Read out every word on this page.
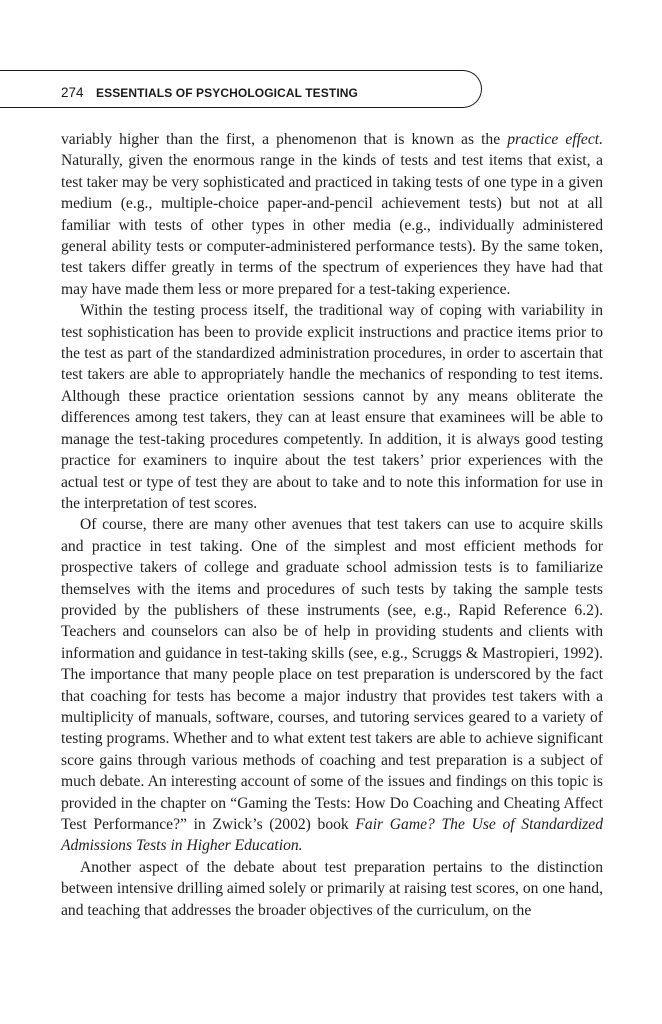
274 ESSENTIALS OF PSYCHOLOGICAL TESTING

variably higher than the first, a phenomenon that is known as the practice effect. Naturally, given the enormous range in the kinds of tests and test items that exist, a test taker may be very sophisticated and practiced in taking tests of one type in a given medium (e.g., multiple-choice paper-and-pencil achievement tests) but not at all familiar with tests of other types in other media (e.g., individually administered general ability tests or computer-administered performance tests). By the same token, test takers differ greatly in terms of the spectrum of experiences they have had that may have made them less or more prepared for a test-taking experience.

Within the testing process itself, the traditional way of coping with variability in test sophistication has been to provide explicit instructions and practice items prior to the test as part of the standardized administration procedures, in order to ascertain that test takers are able to appropriately handle the mechanics of responding to test items. Although these practice orientation sessions cannot by any means obliterate the differences among test takers, they can at least ensure that examinees will be able to manage the test-taking procedures competently. In addition, it is always good testing practice for examiners to inquire about the test takers’ prior experiences with the actual test or type of test they are about to take and to note this information for use in the interpretation of test scores.

Of course, there are many other avenues that test takers can use to acquire skills and practice in test taking. One of the simplest and most efficient methods for prospective takers of college and graduate school admission tests is to familiarize themselves with the items and procedures of such tests by taking the sample tests provided by the publishers of these instruments (see, e.g., Rapid Reference 6.2). Teachers and counselors can also be of help in providing students and clients with information and guidance in test-taking skills (see, e.g., Scruggs & Mastropieri, 1992). The importance that many people place on test preparation is underscored by the fact that coaching for tests has become a major industry that provides test takers with a multiplicity of manuals, software, courses, and tutoring services geared to a variety of testing programs. Whether and to what extent test takers are able to achieve significant score gains through various methods of coaching and test preparation is a subject of much debate. An interesting account of some of the issues and findings on this topic is provided in the chapter on “Gaming the Tests: How Do Coaching and Cheating Affect Test Performance?” in Zwick’s (2002) book Fair Game? The Use of Standardized Admissions Tests in Higher Education.

Another aspect of the debate about test preparation pertains to the distinction between intensive drilling aimed solely or primarily at raising test scores, on one hand, and teaching that addresses the broader objectives of the curriculum, on the
